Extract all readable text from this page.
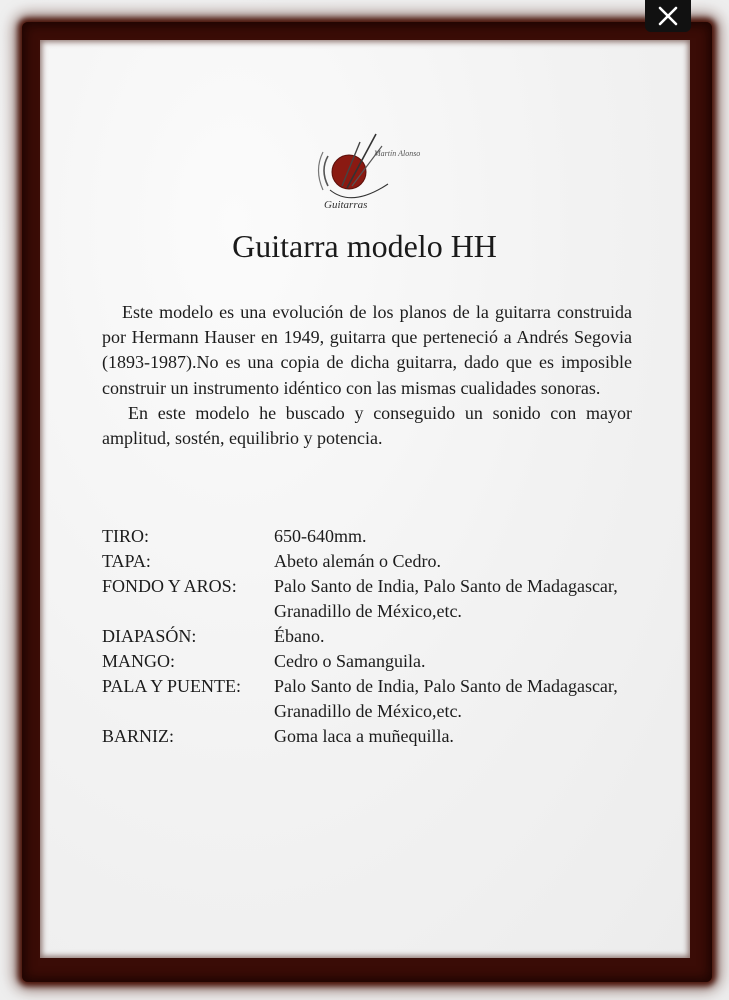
Martín Alonso
Guitarras
Guitarra modelo HH

Este modelo es una evolución de los planos de la guitarra construida por Hermann Hauser en 1949, guitarra que perteneció a Andrés Segovia (1893-1987).No es una copia de dicha guitarra, dado que es imposible construir un instrumento idéntico con las mismas cualidades sonoras.

En este modelo he buscado y conseguido un sonido con mayor amplitud, sostén, equilibrio y potencia.

TIRO:	650-640mm.
TAPA:	Abeto alemán o Cedro.
FONDO Y AROS:	Palo Santo de India, Palo Santo de Madagascar, Granadillo de México,etc.
DIAPASÓN:	Ébano.
MANGO:	Cedro o Samanguila.
PALA Y PUENTE:	Palo Santo de India, Palo Santo de Madagascar, Granadillo de México,etc.
BARNIZ:	Goma laca a muñequilla.
